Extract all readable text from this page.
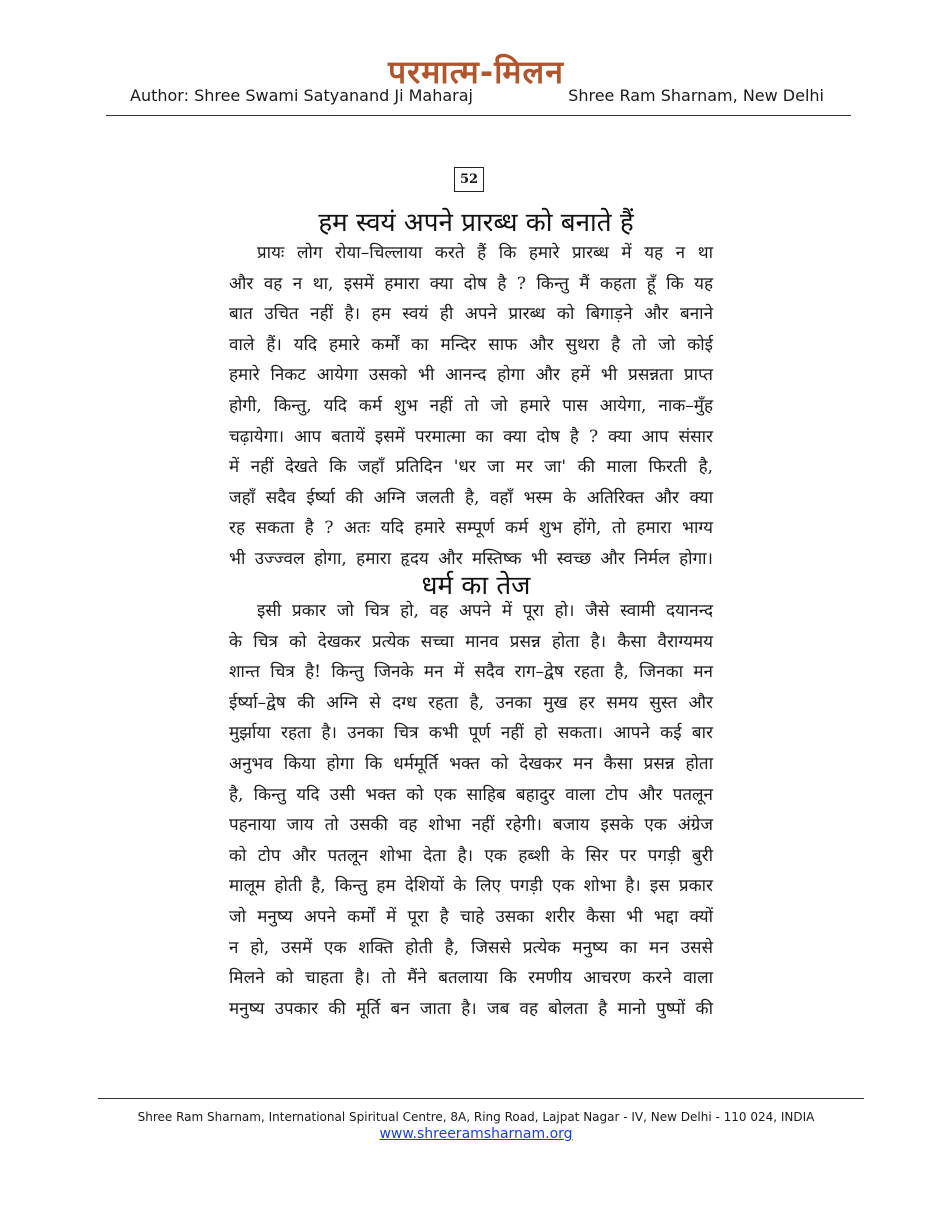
परमात्म-मिलन
Author: Shree Swami Satyanand Ji Maharaj	Shree Ram Sharnam, New Delhi
52
हम स्वयं अपने प्रारब्ध को बनाते हैं
प्रायः लोग रोया–चिल्लाया करते हैं कि हमारे प्रारब्ध में यह न था
और वह न था, इसमें हमारा क्या दोष है ? किन्तु मैं कहता हूँ कि यह
बात उचित नहीं है। हम स्वयं ही अपने प्रारब्ध को बिगाड़ने और बनाने
वाले हैं। यदि हमारे कर्मों का मन्दिर साफ और सुथरा है तो जो कोई
हमारे निकट आयेगा उसको भी आनन्द होगा और हमें भी प्रसन्नता प्राप्त
होगी, किन्तु, यदि कर्म शुभ नहीं तो जो हमारे पास आयेगा, नाक–मुँह
चढ़ायेगा। आप बतायें इसमें परमात्मा का क्या दोष है ? क्या आप संसार
में नहीं देखते कि जहाँ प्रतिदिन 'धर जा मर जा' की माला फिरती है,
जहाँ सदैव ईर्ष्या की अग्नि जलती है, वहाँ भस्म के अतिरिक्त और क्या
रह सकता है ? अतः यदि हमारे सम्पूर्ण कर्म शुभ होंगे, तो हमारा भाग्य
भी उज्ज्वल होगा, हमारा हृदय और मस्तिष्क भी स्वच्छ और निर्मल होगा।
धर्म का तेज
इसी प्रकार जो चित्र हो, वह अपने में पूरा हो। जैसे स्वामी दयानन्द
के चित्र को देखकर प्रत्येक सच्चा मानव प्रसन्न होता है। कैसा वैराग्यमय
शान्त चित्र है! किन्तु जिनके मन में सदैव राग–द्वेष रहता है, जिनका मन
ईर्ष्या–द्वेष की अग्नि से दग्ध रहता है, उनका मुख हर समय सुस्त और
मुर्झाया रहता है। उनका चित्र कभी पूर्ण नहीं हो सकता। आपने कई बार
अनुभव किया होगा कि धर्ममूर्ति भक्त को देखकर मन कैसा प्रसन्न होता
है, किन्तु यदि उसी भक्त को एक साहिब बहादुर वाला टोप और पतलून
पहनाया जाय तो उसकी वह शोभा नहीं रहेगी। बजाय इसके एक अंग्रेज
को टोप और पतलून शोभा देता है। एक हब्शी के सिर पर पगड़ी बुरी
मालूम होती है, किन्तु हम देशियों के लिए पगड़ी एक शोभा है। इस प्रकार
जो मनुष्य अपने कर्मों में पूरा है चाहे उसका शरीर कैसा भी भद्दा क्यों
न हो, उसमें एक शक्ति होती है, जिससे प्रत्येक मनुष्य का मन उससे
मिलने को चाहता है। तो मैंने बतलाया कि रमणीय आचरण करने वाला
मनुष्य उपकार की मूर्ति बन जाता है। जब वह बोलता है मानो पुष्पों की
Shree Ram Sharnam, International Spiritual Centre, 8A, Ring Road, Lajpat Nagar - IV, New Delhi - 110 024, INDIA
www.shreeramsharnam.org
